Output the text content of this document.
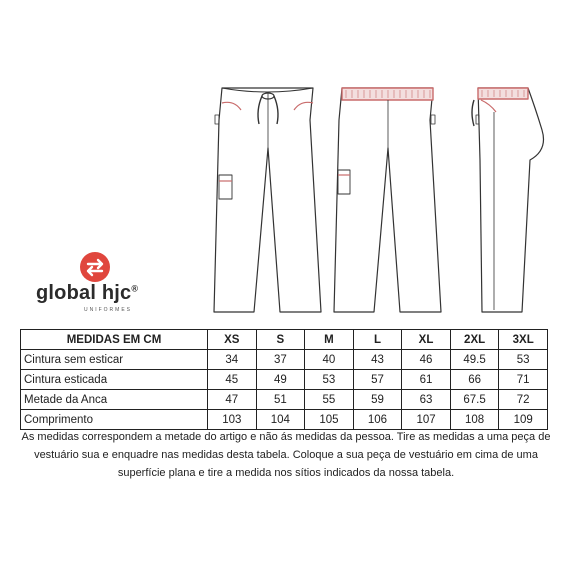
global hjc®
UNIFORMES
MEDIDAS EM CM	XS	S	M	L	XL	2XL	3XL
Cintura sem esticar	34	37	40	43	46	49.5	53
Cintura esticada	45	49	53	57	61	66	71
Metade da Anca	47	51	55	59	63	67.5	72
Comprimento	103	104	105	106	107	108	109
As medidas correspondem a metade do artigo e não ás medidas da pessoa. Tire as medidas a uma peça de vestuário sua e enquadre nas medidas desta tabela. Coloque a sua peça de vestuário em cima de uma superfície plana e tire a medida nos sítios indicados da nossa tabela.
